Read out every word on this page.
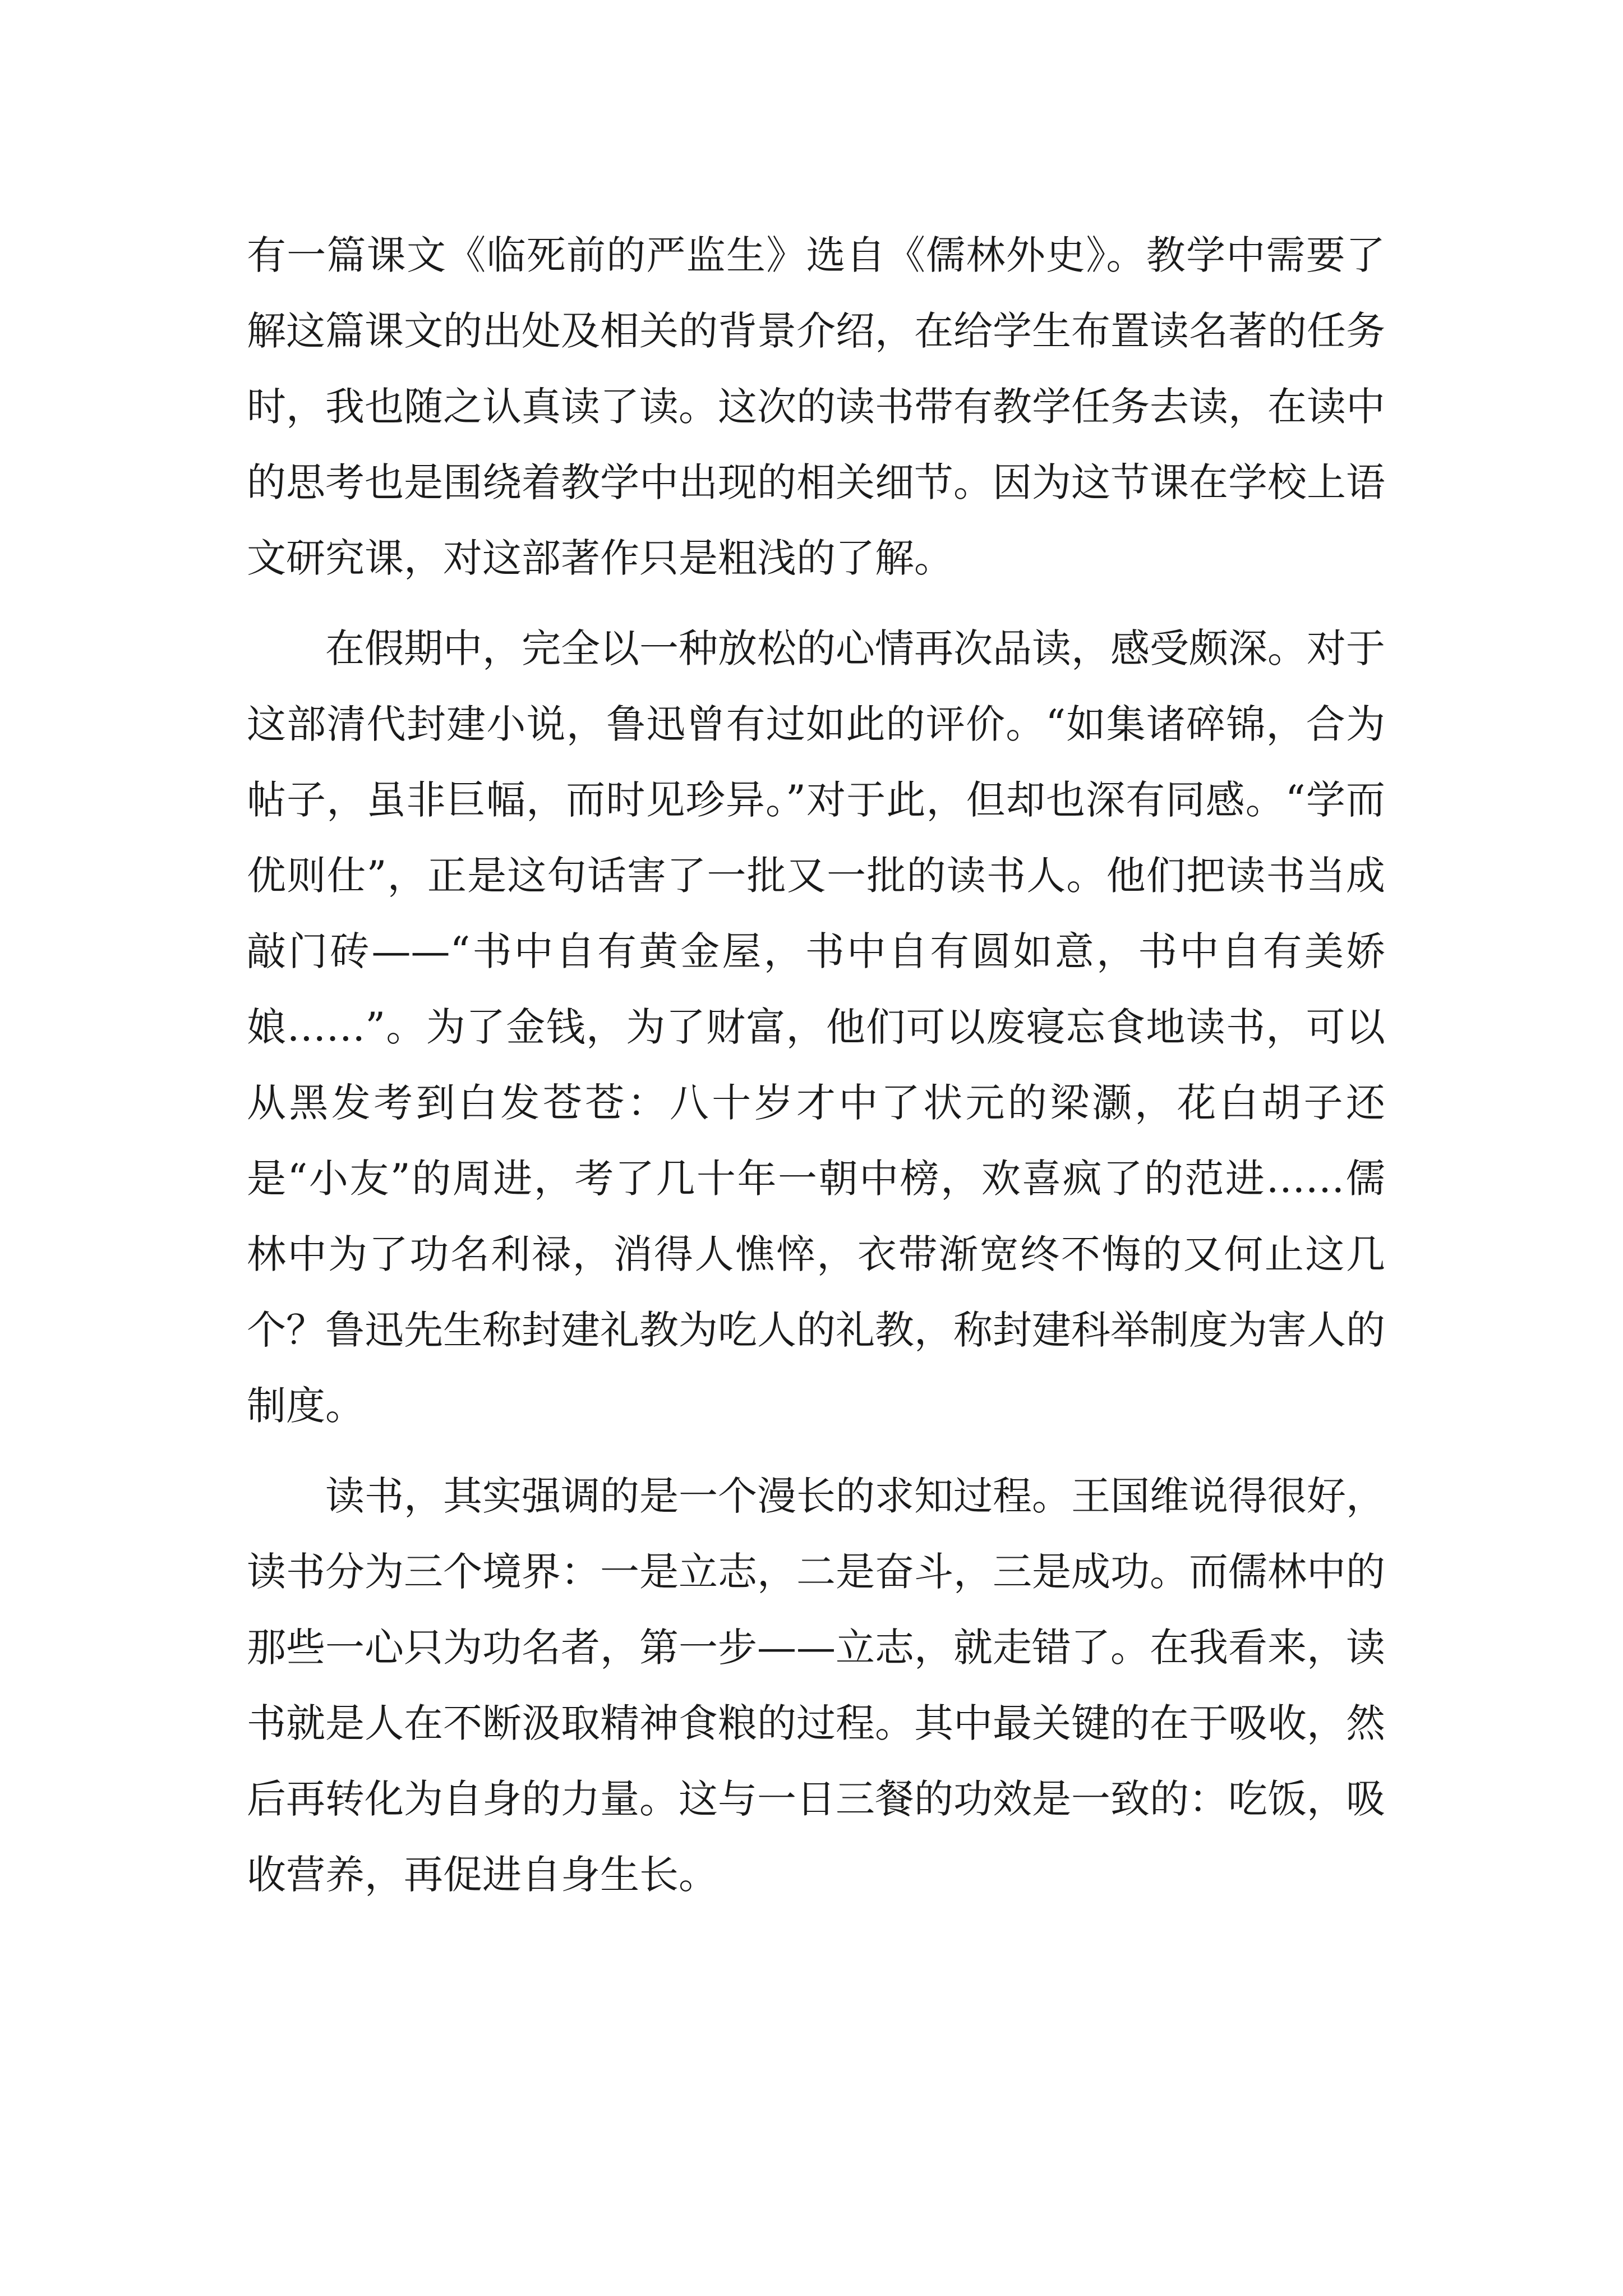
有一篇课文《临死前的严监生》选自《儒林外史》。教学中需要了解这篇课文的出处及相关的背景介绍，在给学生布置读名著的任务时，我也随之认真读了读。这次的读书带有教学任务去读，在读中的思考也是围绕着教学中出现的相关细节。因为这节课在学校上语文研究课，对这部著作只是粗浅的了解。

在假期中，完全以一种放松的心情再次品读，感受颇深。对于这部清代封建小说，鲁迅曾有过如此的评价。“如集诸碎锦，合为帖子，虽非巨幅，而时见珍异。”对于此，但却也深有同感。“学而优则仕”，正是这句话害了一批又一批的读书人。他们把读书当成敲门砖——“书中自有黄金屋，书中自有圆如意，书中自有美娇娘……”。为了金钱，为了财富，他们可以废寝忘食地读书，可以从黑发考到白发苍苍：八十岁才中了状元的梁灏，花白胡子还是“小友”的周进，考了几十年一朝中榜，欢喜疯了的范进……儒林中为了功名利禄，消得人憔悴，衣带渐宽终不悔的又何止这几个？鲁迅先生称封建礼教为吃人的礼教，称封建科举制度为害人的制度。

读书，其实强调的是一个漫长的求知过程。王国维说得很好，读书分为三个境界：一是立志，二是奋斗，三是成功。而儒林中的那些一心只为功名者，第一步——立志，就走错了。在我看来，读书就是人在不断汲取精神食粮的过程。其中最关键的在于吸收，然后再转化为自身的力量。这与一日三餐的功效是一致的：吃饭，吸收营养，再促进自身生长。
